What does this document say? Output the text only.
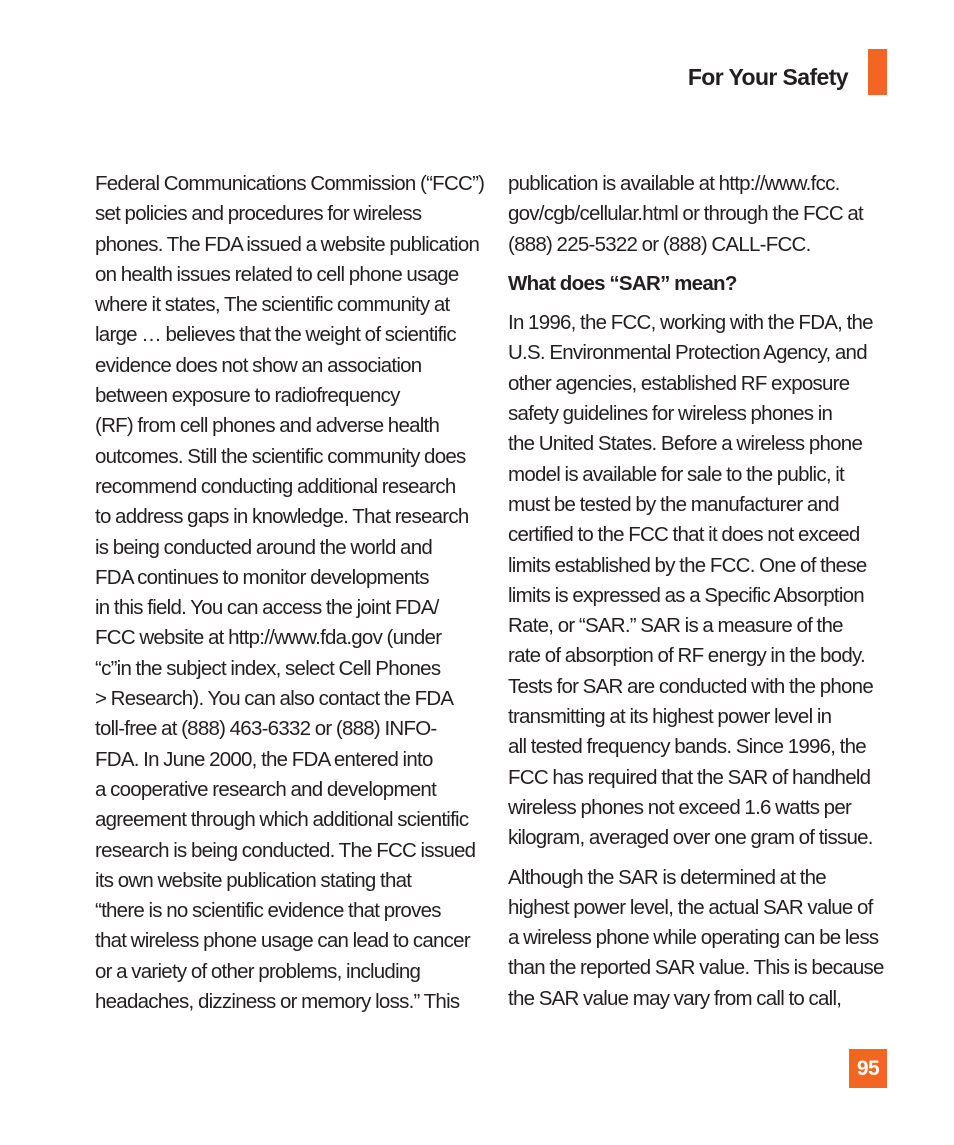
For Your Safety
Federal Communications Commission (“FCC”)
set policies and procedures for wireless
phones. The FDA issued a website publication
on health issues related to cell phone usage
where it states, The scientific community at
large … believes that the weight of scientific
evidence does not show an association
between exposure to radiofrequency
(RF) from cell phones and adverse health
outcomes. Still the scientific community does
recommend conducting additional research
to address gaps in knowledge. That research
is being conducted around the world and
FDA continues to monitor developments
in this field. You can access the joint FDA/
FCC website at http://www.fda.gov (under
“c”in the subject index, select Cell Phones
> Research). You can also contact the FDA
toll-free at (888) 463-6332 or (888) INFO-
FDA. In June 2000, the FDA entered into
a cooperative research and development
agreement through which additional scientific
research is being conducted. The FCC issued
its own website publication stating that
“there is no scientific evidence that proves
that wireless phone usage can lead to cancer
or a variety of other problems, including
headaches, dizziness or memory loss.” This
publication is available at http://www.fcc.
gov/cgb/cellular.html or through the FCC at
(888) 225-5322 or (888) CALL-FCC.
What does “SAR” mean?
In 1996, the FCC, working with the FDA, the
U.S. Environmental Protection Agency, and
other agencies, established RF exposure
safety guidelines for wireless phones in
the United States. Before a wireless phone
model is available for sale to the public, it
must be tested by the manufacturer and
certified to the FCC that it does not exceed
limits established by the FCC. One of these
limits is expressed as a Specific Absorption
Rate, or “SAR.” SAR is a measure of the
rate of absorption of RF energy in the body.
Tests for SAR are conducted with the phone
transmitting at its highest power level in
all tested frequency bands. Since 1996, the
FCC has required that the SAR of handheld
wireless phones not exceed 1.6 watts per
kilogram, averaged over one gram of tissue.
Although the SAR is determined at the
highest power level, the actual SAR value of
a wireless phone while operating can be less
than the reported SAR value. This is because
the SAR value may vary from call to call,
95
